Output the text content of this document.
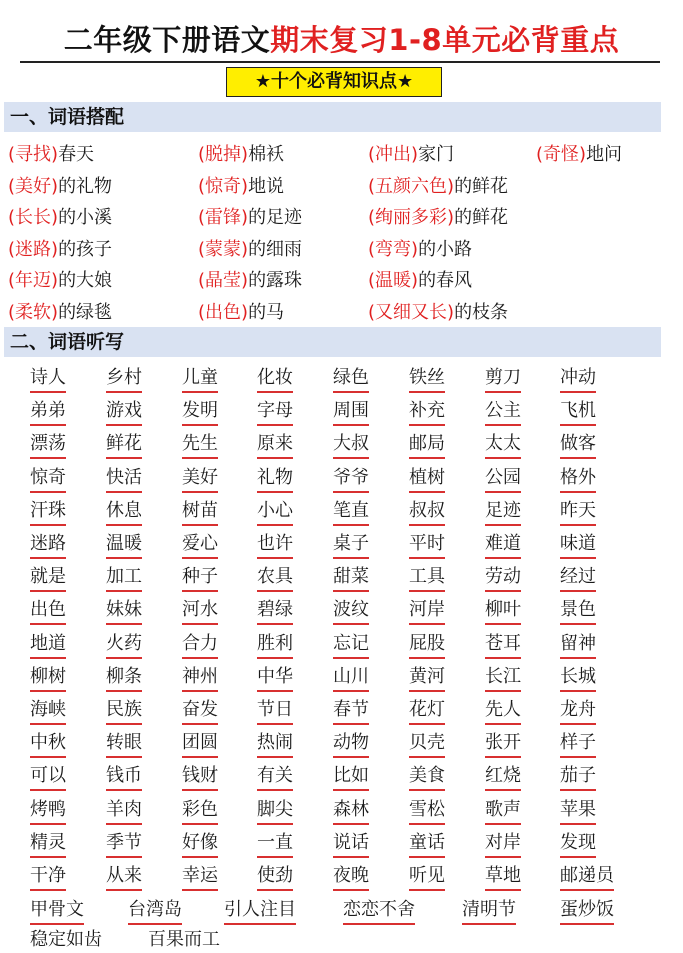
二年级下册语文期末复习1-8单元必背重点
★十个必背知识点★
一、词语搭配
二、词语听写
(寻找)春天	(脱掉)棉袄	(冲出)家门	(奇怪)地问
(美好)的礼物	(惊奇)地说	(五颜六色)的鲜花
(长长)的小溪	(雷锋)的足迹	(绚丽多彩)的鲜花
(迷路)的孩子	(蒙蒙)的细雨	(弯弯)的小路
(年迈)的大娘	(晶莹)的露珠	(温暖)的春风
(柔软)的绿毯	(出色)的马	(又细又长)的枝条
诗人 乡村 儿童 化妆 绿色 铁丝 剪刀 冲动
弟弟 游戏 发明 字母 周围 补充 公主 飞机
漂荡 鲜花 先生 原来 大叔 邮局 太太 做客
惊奇 快活 美好 礼物 爷爷 植树 公园 格外
汗珠 休息 树苗 小心 笔直 叔叔 足迹 昨天
迷路 温暖 爱心 也许 桌子 平时 难道 味道
就是 加工 种子 农具 甜菜 工具 劳动 经过
出色 妹妹 河水 碧绿 波纹 河岸 柳叶 景色
地道 火药 合力 胜利 忘记 屁股 苍耳 留神
柳树 柳条 神州 中华 山川 黄河 长江 长城
海峡 民族 奋发 节日 春节 花灯 先人 龙舟
中秋 转眼 团圆 热闹 动物 贝壳 张开 样子
可以 钱币 钱财 有关 比如 美食 红烧 茄子
烤鸭 羊肉 彩色 脚尖 森林 雪松 歌声 苹果
精灵 季节 好像 一直 说话 童话 对岸 发现
干净 从来 幸运 使劲 夜晚 听见 草地 邮递员
甲骨文 台湾岛 引人注目	恋恋不舍	清明节 蛋炒饭
稳定如齿	百果而工
